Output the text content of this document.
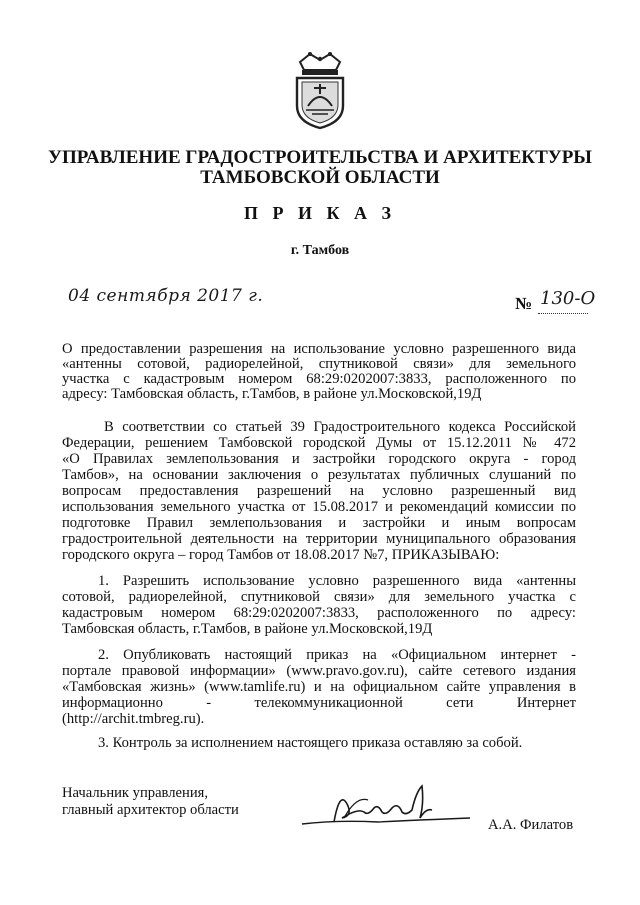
УПРАВЛЕНИЕ ГРАДОСТРОИТЕЛЬСТВА И АРХИТЕКТУРЫ
ТАМБОВСКОЙ ОБЛАСТИ
П Р И К А З
г. Тамбов
04 сентября 2017 г.	№ 130-О
О предоставлении разрешения на использование условно разрешенного вида
«антенны сотовой, радиорелейной, спутниковой связи» для земельного
участка с кадастровым номером 68:29:0202007:3833, расположенного по
адресу: Тамбовская область, г.Тамбов, в районе ул.Московской,19Д
В соответствии со статьей 39 Градостроительного кодекса Российской
Федерации, решением Тамбовской городской Думы от 15.12.2011 № 472
«О Правилах землепользования и застройки городского округа - город
Тамбов», на основании заключения о результатах публичных слушаний по
вопросам предоставления разрешений на условно разрешенный вид
использования земельного участка от 15.08.2017 и рекомендаций комиссии по
подготовке Правил землепользования и застройки и иным вопросам
градостроительной деятельности на территории муниципального образования
городского округа – город Тамбов от 18.08.2017 №7, ПРИКАЗЫВАЮ:
1. Разрешить использование условно разрешенного вида «антенны
сотовой, радиорелейной, спутниковой связи» для земельного участка с
кадастровым номером 68:29:0202007:3833, расположенного по адресу:
Тамбовская область, г.Тамбов, в районе ул.Московской,19Д
2. Опубликовать настоящий приказ на «Официальном интернет -
портале правовой информации» (www.pravo.gov.ru), сайте сетевого издания
«Тамбовская жизнь» (www.tamlife.ru) и на официальном сайте управления в
информационно - телекоммуникационной сети Интернет
(http://archit.tmbreg.ru).
3. Контроль за исполнением настоящего приказа оставляю за собой.
Начальник управления,
главный архитектор области
А.А. Филатов
